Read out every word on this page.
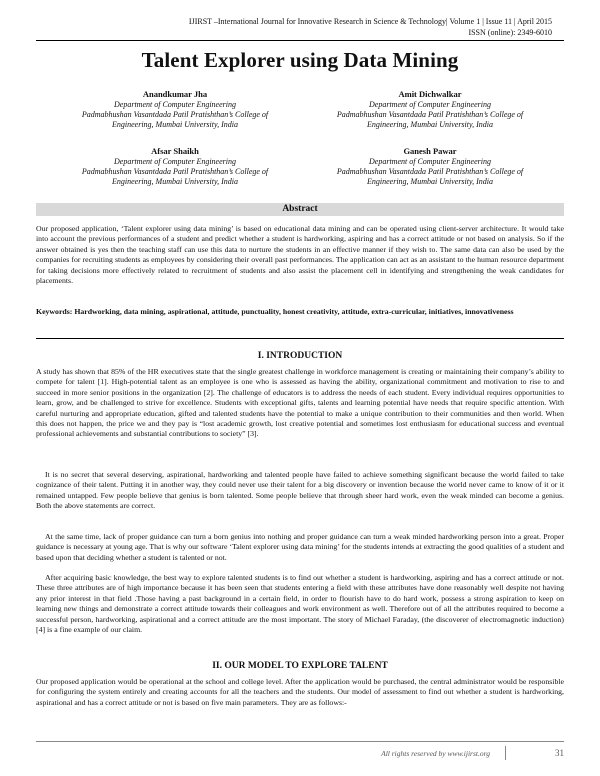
IJIRST –International Journal for Innovative Research in Science & Technology| Volume 1 | Issue 11 | April 2015
ISSN (online): 2349-6010
Talent Explorer using Data Mining
Anandkumar Jha
Department of Computer Engineering
Padmabhushan Vasantdada Patil Pratishthan’s College of
Engineering, Mumbai University, India
Amit Dichwalkar
Department of Computer Engineering
Padmabhushan Vasantdada Patil Pratishthan’s College of
Engineering, Mumbai University, India
Afsar Shaikh
Department of Computer Engineering
Padmabhushan Vasantdada Patil Pratishthan’s College of
Engineering, Mumbai University, India
Ganesh Pawar
Department of Computer Engineering
Padmabhushan Vasantdada Patil Pratishthan’s College of
Engineering, Mumbai University, India
Abstract
Our proposed application, ‘Talent explorer using data mining’ is based on educational data mining and can be operated using client-server architecture. It would take into account the previous performances of a student and predict whether a student is hardworking, aspiring and has a correct attitude or not based on analysis. So if the answer obtained is yes then the teaching staff can use this data to nurture the students in an effective manner if they wish to. The same data can also be used by the companies for recruiting students as employees by considering their overall past performances. The application can act as an assistant to the human resource department for taking decisions more effectively related to recruitment of students and also assist the placement cell in identifying and strengthening the weak candidates for placements.
Keywords: Hardworking, data mining, aspirational, attitude, punctuality, honest creativity, attitude, extra-curricular, initiatives, innovativeness
I. INTRODUCTION
A study has shown that 85% of the HR executives state that the single greatest challenge in workforce management is creating or maintaining their company’s ability to compete for talent [1]. High-potential talent as an employee is one who is assessed as having the ability, organizational commitment and motivation to rise to and succeed in more senior positions in the organization [2]. The challenge of educators is to address the needs of each student. Every individual requires opportunities to learn, grow, and be challenged to strive for excellence. Students with exceptional gifts, talents and learning potential have needs that require specific attention. With careful nurturing and appropriate education, gifted and talented students have the potential to make a unique contribution to their communities and then world. When this does not happen, the price we and they pay is “lost academic growth, lost creative potential and sometimes lost enthusiasm for educational success and eventual professional achievements and substantial contributions to society” [3].
It is no secret that several deserving, aspirational, hardworking and talented people have failed to achieve something significant because the world failed to take cognizance of their talent. Putting it in another way, they could never use their talent for a big discovery or invention because the world never came to know of it or it remained untapped. Few people believe that genius is born talented. Some people believe that through sheer hard work, even the weak minded can become a genius. Both the above statements are correct.
At the same time, lack of proper guidance can turn a born genius into nothing and proper guidance can turn a weak minded hardworking person into a great. Proper guidance is necessary at young age. That is why our software ‘Talent explorer using data mining’ for the students intends at extracting the good qualities of a student and based upon that deciding whether a student is talented or not.
After acquiring basic knowledge, the best way to explore talented students is to find out whether a student is hardworking, aspiring and has a correct attitude or not. These three attributes are of high importance because it has been seen that students entering a field with these attributes have done reasonably well despite not having any prior interest in that field .Those having a past background in a certain field, in order to flourish have to do hard work, possess a strong aspiration to keep on learning new things and demonstrate a correct attitude towards their colleagues and work environment as well. Therefore out of all the attributes required to become a successful person, hardworking, aspirational and a correct attitude are the most important. The story of Michael Faraday, (the discoverer of electromagnetic induction) [4] is a fine example of our claim.
II. OUR MODEL TO EXPLORE TALENT
Our proposed application would be operational at the school and college level. After the application would be purchased, the central administrator would be responsible for configuring the system entirely and creating accounts for all the teachers and the students. Our model of assessment to find out whether a student is hardworking, aspirational and has a correct attitude or not is based on five main parameters. They are as follows:-
All rights reserved by www.ijirst.org	31
